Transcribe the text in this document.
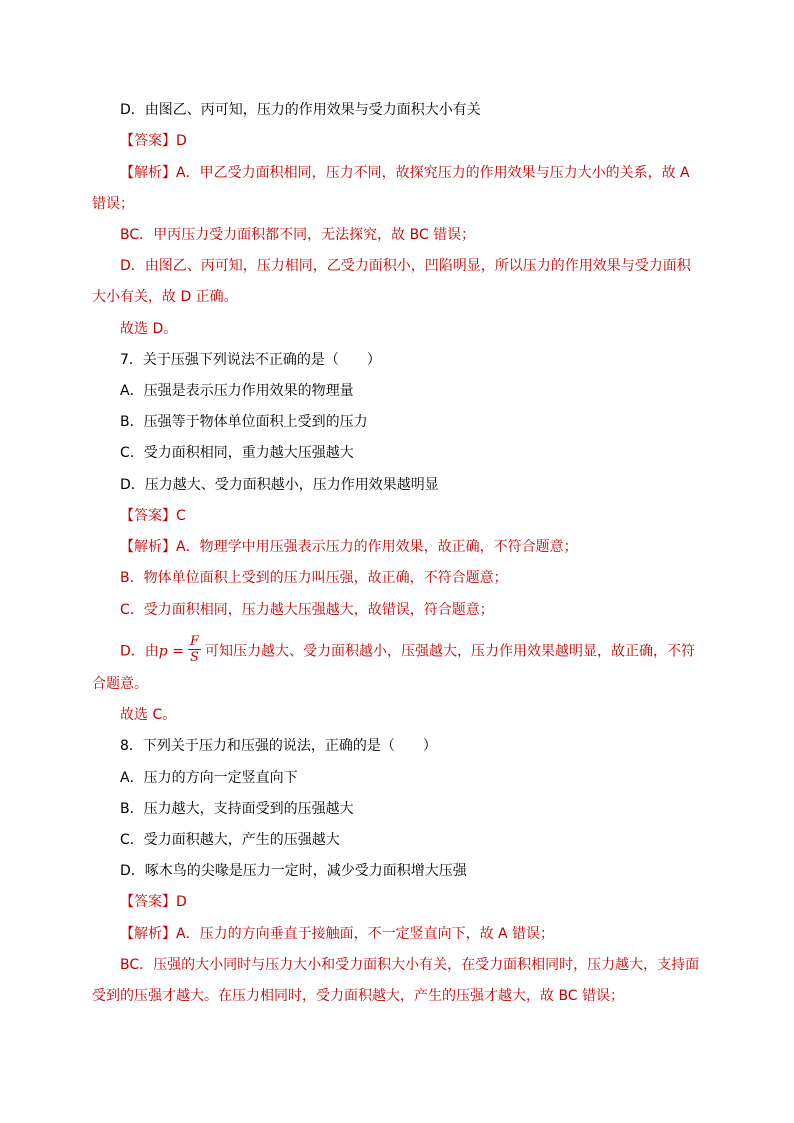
D．由图乙、丙可知，压力的作用效果与受力面积大小有关
【答案】D
【解析】A．甲乙受力面积相同，压力不同，故探究压力的作用效果与压力大小的关系，故 A
错误；
BC．甲丙压力受力面积都不同，无法探究，故 BC 错误；
D．由图乙、丙可知，压力相同，乙受力面积小，凹陷明显，所以压力的作用效果与受力面积
大小有关，故 D 正确。
故选 D。
7．关于压强下列说法不正确的是（　　）
A．压强是表示压力作用效果的物理量
B．压强等于物体单位面积上受到的压力
C．受力面积相同，重力越大压强越大
D．压力越大、受力面积越小，压力作用效果越明显
【答案】C
【解析】A．物理学中用压强表示压力的作用效果，故正确，不符合题意；
B．物体单位面积上受到的压力叫压强，故正确，不符合题意；
C．受力面积相同，压力越大压强越大，故错误，符合题意；
D．由$p = \frac{F}{S}$ 可知压力越大、受力面积越小，压强越大，压力作用效果越明显，故正确，不符
合题意。
故选 C。
8．下列关于压力和压强的说法，正确的是（　　）
A．压力的方向一定竖直向下
B．压力越大，支持面受到的压强越大
C．受力面积越大，产生的压强越大
D．啄木鸟的尖喙是压力一定时，减少受力面积增大压强
【答案】D
【解析】A．压力的方向垂直于接触面，不一定竖直向下，故 A 错误；
BC．压强的大小同时与压力大小和受力面积大小有关，在受力面积相同时，压力越大，支持面
受到的压强才越大。在压力相同时，受力面积越大，产生的压强才越大，故 BC 错误；
